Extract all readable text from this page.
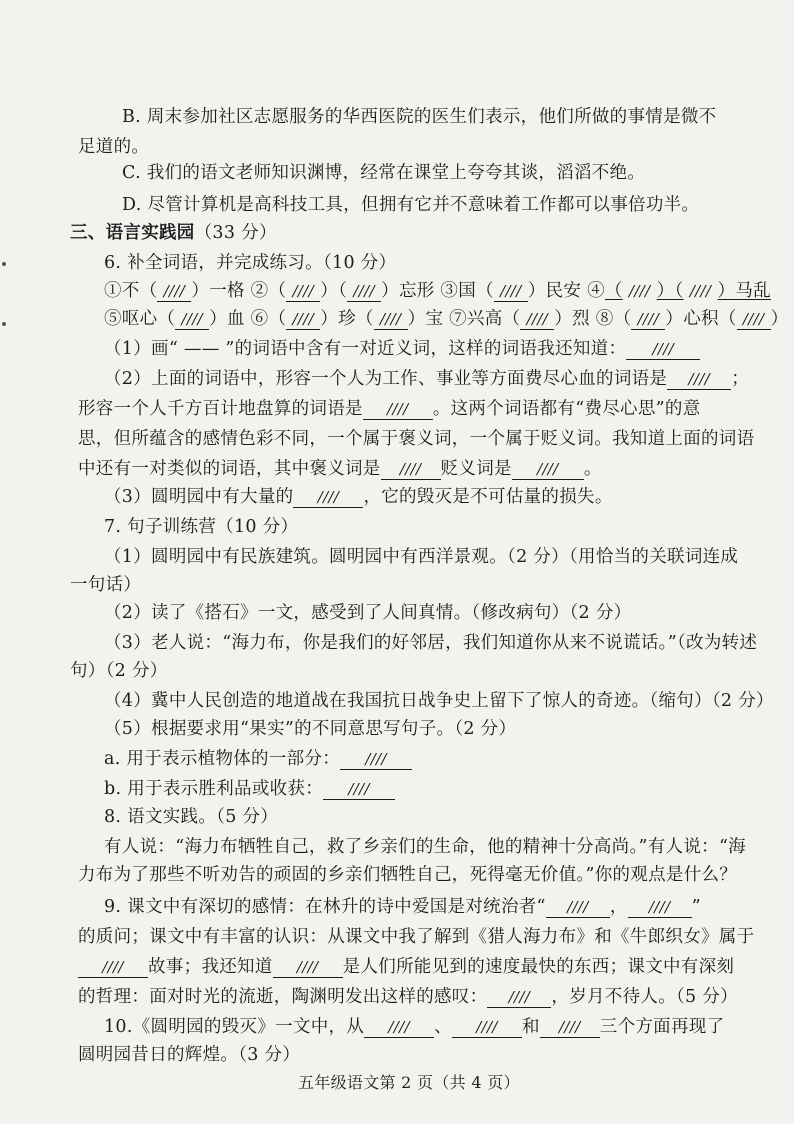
B. 周末参加社区志愿服务的华西医院的医生们表示，他们所做的事情是微不
足道的。
C. 我们的语文老师知识渊博，经常在课堂上夸夸其谈，滔滔不绝。
D. 尽管计算机是高科技工具，但拥有它并不意味着工作都可以事倍功半。
三、语言实践园（33 分）
6. 补全词语，并完成练习。（10 分）
①不（ //// ）一格 ②（ //// ）（ //// ）忘形 ③国（ //// ）民安 ④（ //// ）（ //// ）马乱
⑤呕心（ //// ）血 ⑥（ //// ）珍（ //// ）宝 ⑦兴高（ //// ）烈 ⑧（ //// ）心积（ //// ）
（1）画“ —— ”的词语中含有一对近义词，这样的词语我还知道： ////
（2）上面的词语中，形容一个人为工作、事业等方面费尽心血的词语是 //// ；
形容一个人千方百计地盘算的词语是 //// 。这两个词语都有“费尽心思”的意
思，但所蕴含的感情色彩不同，一个属于褒义词，一个属于贬义词。我知道上面的词语
中还有一对类似的词语，其中褒义词是 //// 贬义词是 //// 。
（3）圆明园中有大量的 //// ，它的毁灭是不可估量的损失。
7. 句子训练营（10 分）
（1）圆明园中有民族建筑。圆明园中有西洋景观。（2 分）（用恰当的关联词连成
一句话）
（2）读了《搭石》一文，感受到了人间真情。（修改病句）（2 分）
（3）老人说：“海力布，你是我们的好邻居，我们知道你从来不说谎话。”（改为转述
句）（2 分）
（4）冀中人民创造的地道战在我国抗日战争史上留下了惊人的奇迹。（缩句）（2 分）
（5）根据要求用“果实”的不同意思写句子。（2 分）
a. 用于表示植物体的一部分： ////
b. 用于表示胜利品或收获： ////
8. 语文实践。（5 分）
有人说：“海力布牺牲自己，救了乡亲们的生命，他的精神十分高尚。”有人说：“海
力布为了那些不听劝告的顽固的乡亲们牺牲自己，死得毫无价值。”你的观点是什么？
9. 课文中有深切的感情：在林升的诗中爱国是对统治者“ //// ， //// ”
的质问；课文中有丰富的认识：从课文中我了解到《猎人海力布》和《牛郎织女》属于
//// 故事；我还知道 //// 是人们所能见到的速度最快的东西；课文中有深刻
的哲理：面对时光的流逝，陶渊明发出这样的感叹： //// ，岁月不待人。（5 分）
10.《圆明园的毁灭》一文中，从 //// 、 //// 和 //// 三个方面再现了
圆明园昔日的辉煌。（3 分）
五年级语文第 2 页（共 4 页）
